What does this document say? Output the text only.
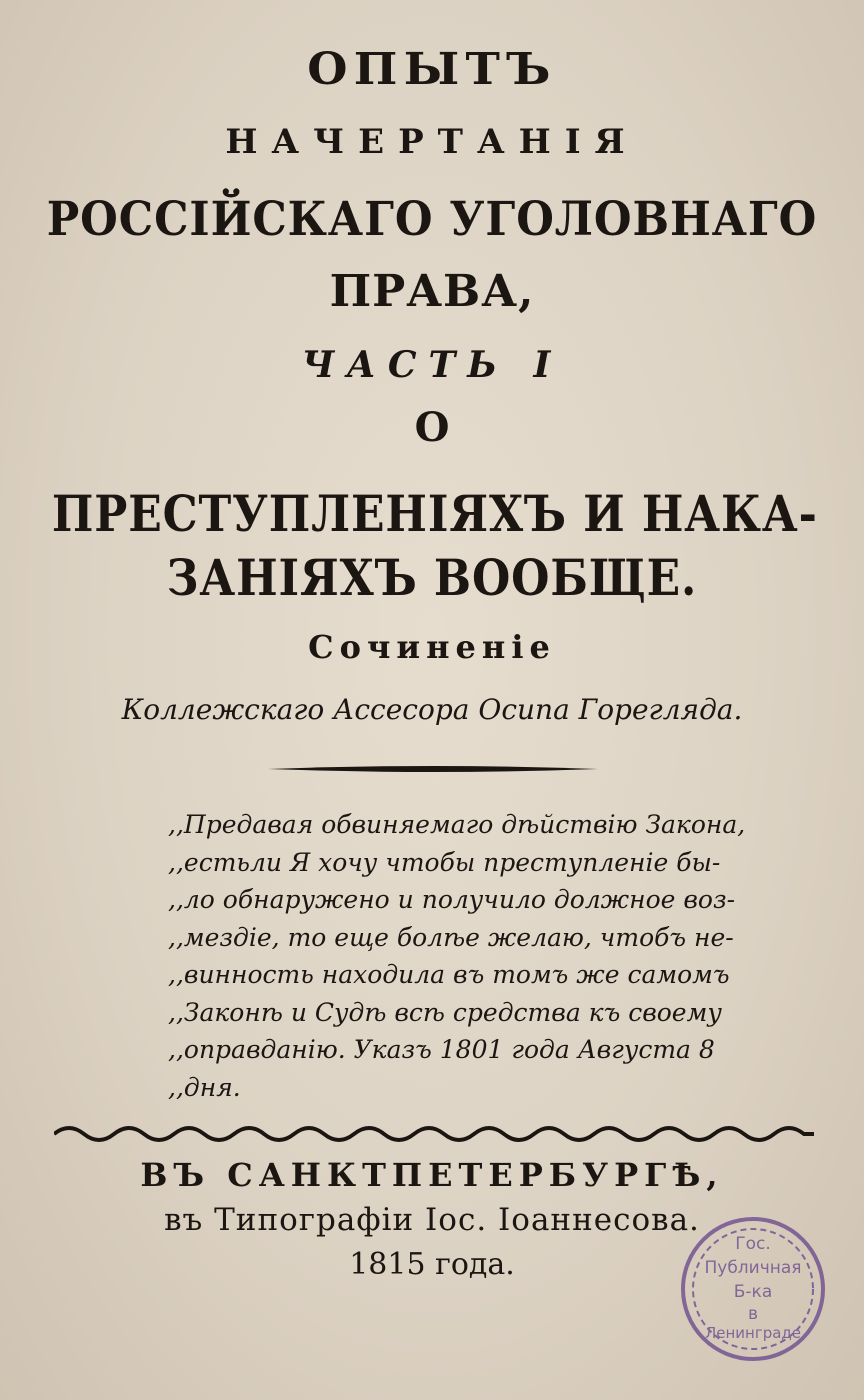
ОПЫТЪ
НАЧЕРТАНІЯ
РОССІЙСКАГО УГОЛОВНАГО
ПРАВА,
ЧАСТЬ І
О
ПРЕСТУПЛЕНІЯХЪ И НАКА-
ЗАНІЯХЪ ВООБЩЕ.
Сочиненіе
Коллежскаго Ассесора Осипа Горегляда.
,,Предавая обвиняемаго дѣйствію Закона,
,,естьли Я хочу чтобы преступленіе бы-
,,ло обнаружено и получило должное воз-
,,мездіе, то еще болѣе желаю, чтобъ не-
,,винность находила въ томъ же самомъ
,,Законѣ и Судѣ всѣ средства къ своему
,,оправданію. Указъ 1801 года Августа 8
,,дня.
ВЪ САНКТПЕТЕРБУРГѢ,
въ Типографіи Іос. Іоаннесова.
1815 года.
Гос.
Публичная
Б-ка
в
Ленинграде
